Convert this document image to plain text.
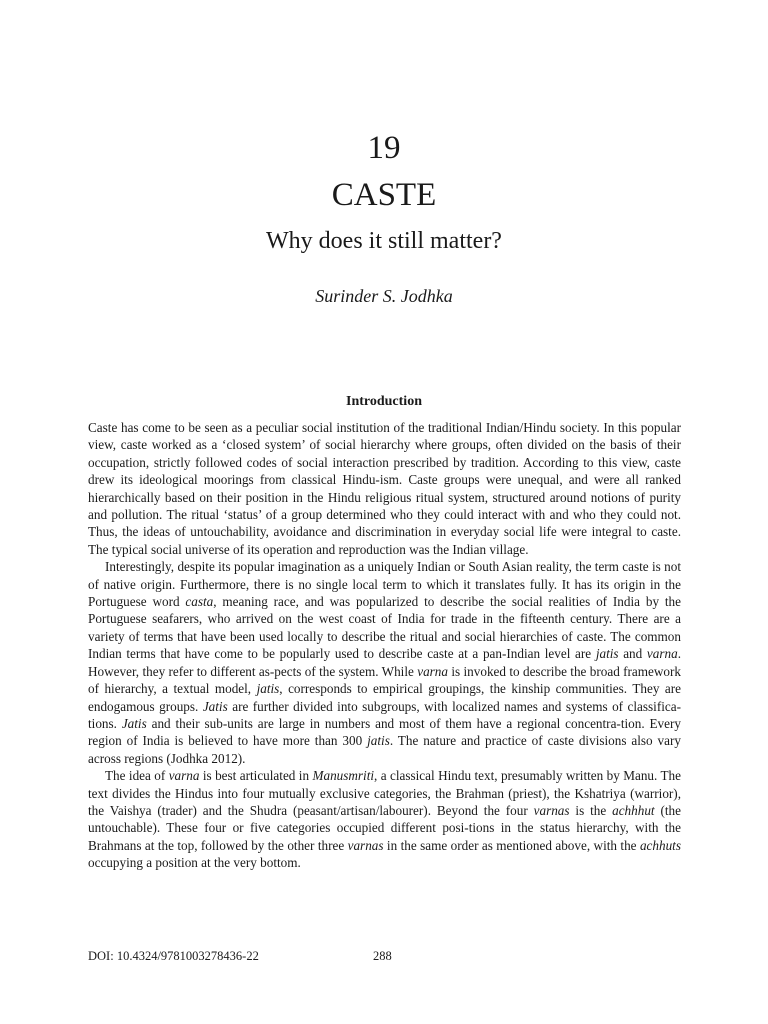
19
CASTE
Why does it still matter?
Surinder S. Jodhka
Introduction

Caste has come to be seen as a peculiar social institution of the traditional Indian/Hindu society. In this popular view, caste worked as a ‘closed system’ of social hierarchy where groups, often divided on the basis of their occupation, strictly followed codes of social interaction prescribed by tradition. According to this view, caste drew its ideological moorings from classical Hindu-ism. Caste groups were unequal, and were all ranked hierarchically based on their position in the Hindu religious ritual system, structured around notions of purity and pollution. The ritual ‘status’ of a group determined who they could interact with and who they could not. Thus, the ideas of untouchability, avoidance and discrimination in everyday social life were integral to caste. The typical social universe of its operation and reproduction was the Indian village.

Interestingly, despite its popular imagination as a uniquely Indian or South Asian reality, the term caste is not of native origin. Furthermore, there is no single local term to which it translates fully. It has its origin in the Portuguese word casta, meaning race, and was popularized to describe the social realities of India by the Portuguese seafarers, who arrived on the west coast of India for trade in the fifteenth century. There are a variety of terms that have been used locally to describe the ritual and social hierarchies of caste. The common Indian terms that have come to be popularly used to describe caste at a pan-Indian level are jatis and varna. However, they refer to different as-pects of the system. While varna is invoked to describe the broad framework of hierarchy, a textual model, jatis, corresponds to empirical groupings, the kinship communities. They are endogamous groups. Jatis are further divided into subgroups, with localized names and systems of classifica-tions. Jatis and their sub-units are large in numbers and most of them have a regional concentra-tion. Every region of India is believed to have more than 300 jatis. The nature and practice of caste divisions also vary across regions (Jodhka 2012).

The idea of varna is best articulated in Manusmriti, a classical Hindu text, presumably written by Manu. The text divides the Hindus into four mutually exclusive categories, the Brahman (priest), the Kshatriya (warrior), the Vaishya (trader) and the Shudra (peasant/artisan/labourer). Beyond the four varnas is the achhhut (the untouchable). These four or five categories occupied different posi-tions in the status hierarchy, with the Brahmans at the top, followed by the other three varnas in the same order as mentioned above, with the achhuts occupying a position at the very bottom.

DOI: 10.4324/9781003278436-22	288
